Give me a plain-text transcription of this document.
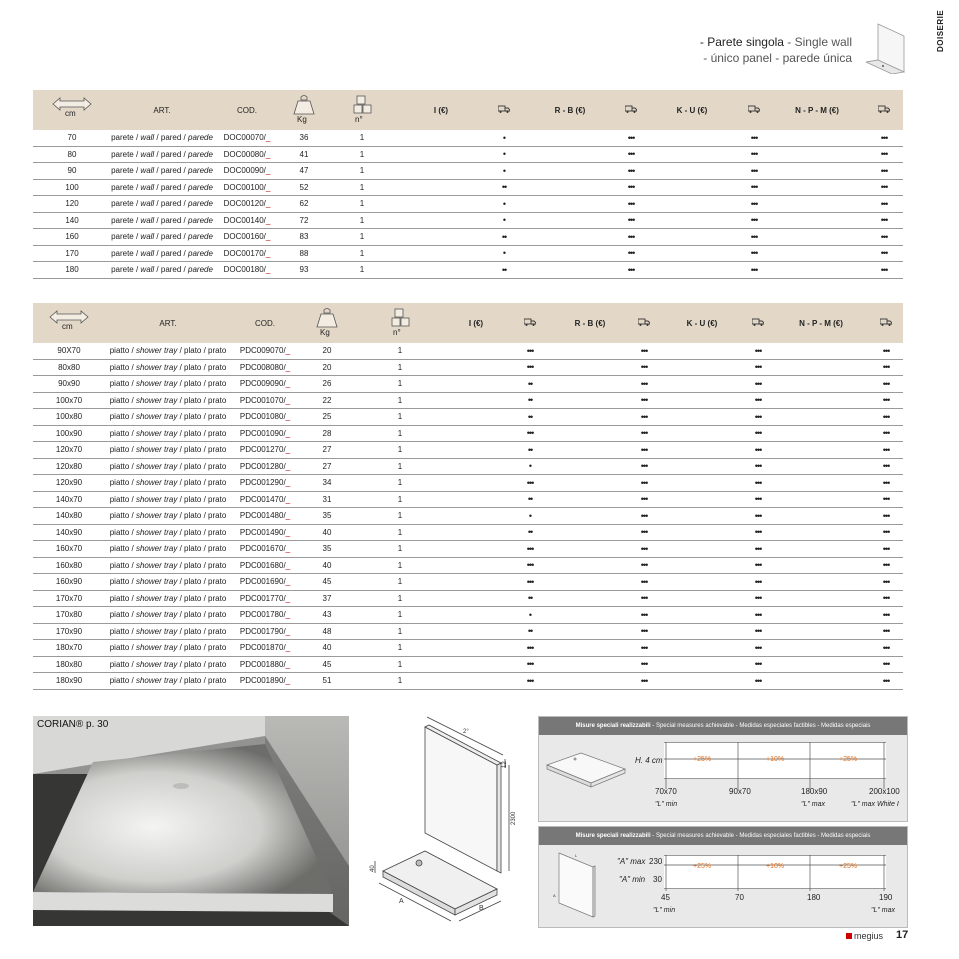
- Parete singola - Single wall
- único panel - parede única
DOISERIE
cm	ART.	COD.	Kg	n°	I (€)		R - B (€)		K - U (€)		N - P - M (€)	
70	parete / wall / pared / parede	DOC00070/_	36	1		•		•••		•••		•••
80	parete / wall / pared / parede	DOC00080/_	41	1		•		•••		•••		•••
90	parete / wall / pared / parede	DOC00090/_	47	1		•		•••		•••		•••
100	parete / wall / pared / parede	DOC00100/_	52	1		••		•••		•••		•••
120	parete / wall / pared / parede	DOC00120/_	62	1		•		•••		•••		•••
140	parete / wall / pared / parede	DOC00140/_	72	1		•		•••		•••		•••
160	parete / wall / pared / parede	DOC00160/_	83	1		••		•••		•••		•••
170	parete / wall / pared / parede	DOC00170/_	88	1		•		•••		•••		•••
180	parete / wall / pared / parede	DOC00180/_	93	1		••		•••		•••		•••
cm	ART.	COD.	Kg	n°	I (€)		R - B (€)		K - U (€)		N - P - M (€)	
90X70	piatto / shower tray / plato / prato	PDC009070/_	20	1		•••		•••		•••		•••
80x80	piatto / shower tray / plato / prato	PDC008080/_	20	1		•••		•••		•••		•••
90x90	piatto / shower tray / plato / prato	PDC009090/_	26	1		••		•••		•••		•••
100x70	piatto / shower tray / plato / prato	PDC001070/_	22	1		••		•••		•••		•••
100x80	piatto / shower tray / plato / prato	PDC001080/_	25	1		••		•••		•••		•••
100x90	piatto / shower tray / plato / prato	PDC001090/_	28	1		•••		•••		•••		•••
120x70	piatto / shower tray / plato / prato	PDC001270/_	27	1		••		•••		•••		•••
120x80	piatto / shower tray / plato / prato	PDC001280/_	27	1		•		•••		•••		•••
120x90	piatto / shower tray / plato / prato	PDC001290/_	34	1		•••		•••		•••		•••
140x70	piatto / shower tray / plato / prato	PDC001470/_	31	1		••		•••		•••		•••
140x80	piatto / shower tray / plato / prato	PDC001480/_	35	1		•		•••		•••		•••
140x90	piatto / shower tray / plato / prato	PDC001490/_	40	1		••		•••		•••		•••
160x70	piatto / shower tray / plato / prato	PDC001670/_	35	1		•••		•••		•••		•••
160x80	piatto / shower tray / plato / prato	PDC001680/_	40	1		•••		•••		•••		•••
160x90	piatto / shower tray / plato / prato	PDC001690/_	45	1		•••		•••		•••		•••
170x70	piatto / shower tray / plato / prato	PDC001770/_	37	1		••		•••		•••		•••
170x80	piatto / shower tray / plato / prato	PDC001780/_	43	1		•		•••		•••		•••
170x90	piatto / shower tray / plato / prato	PDC001790/_	48	1		••		•••		•••		•••
180x70	piatto / shower tray / plato / prato	PDC001870/_	40	1		•••		•••		•••		•••
180x80	piatto / shower tray / plato / prato	PDC001880/_	45	1		•••		•••		•••		•••
180x90	piatto / shower tray / plato / prato	PDC001890/_	51	1		•••		•••		•••		•••
CORIAN® p. 30
2°
12
2300
40
A
B
Misure speciali realizzabili - Special measures achievable - Medidas especiales factibles - Medidas especiais
H. 4 cm	+25%	+10%	+25%
70x70	90x70	180x90	200x100
"L" min	"L" max	"L" max White I
Misure speciali realizzabili - Special measures achievable - Medidas especiales factibles - Medidas especiais
L
A
"A" max 230
"A" min 30
+25%	+10%	+25%
45	70	180	190
"L" min	"L" max
megius 17
